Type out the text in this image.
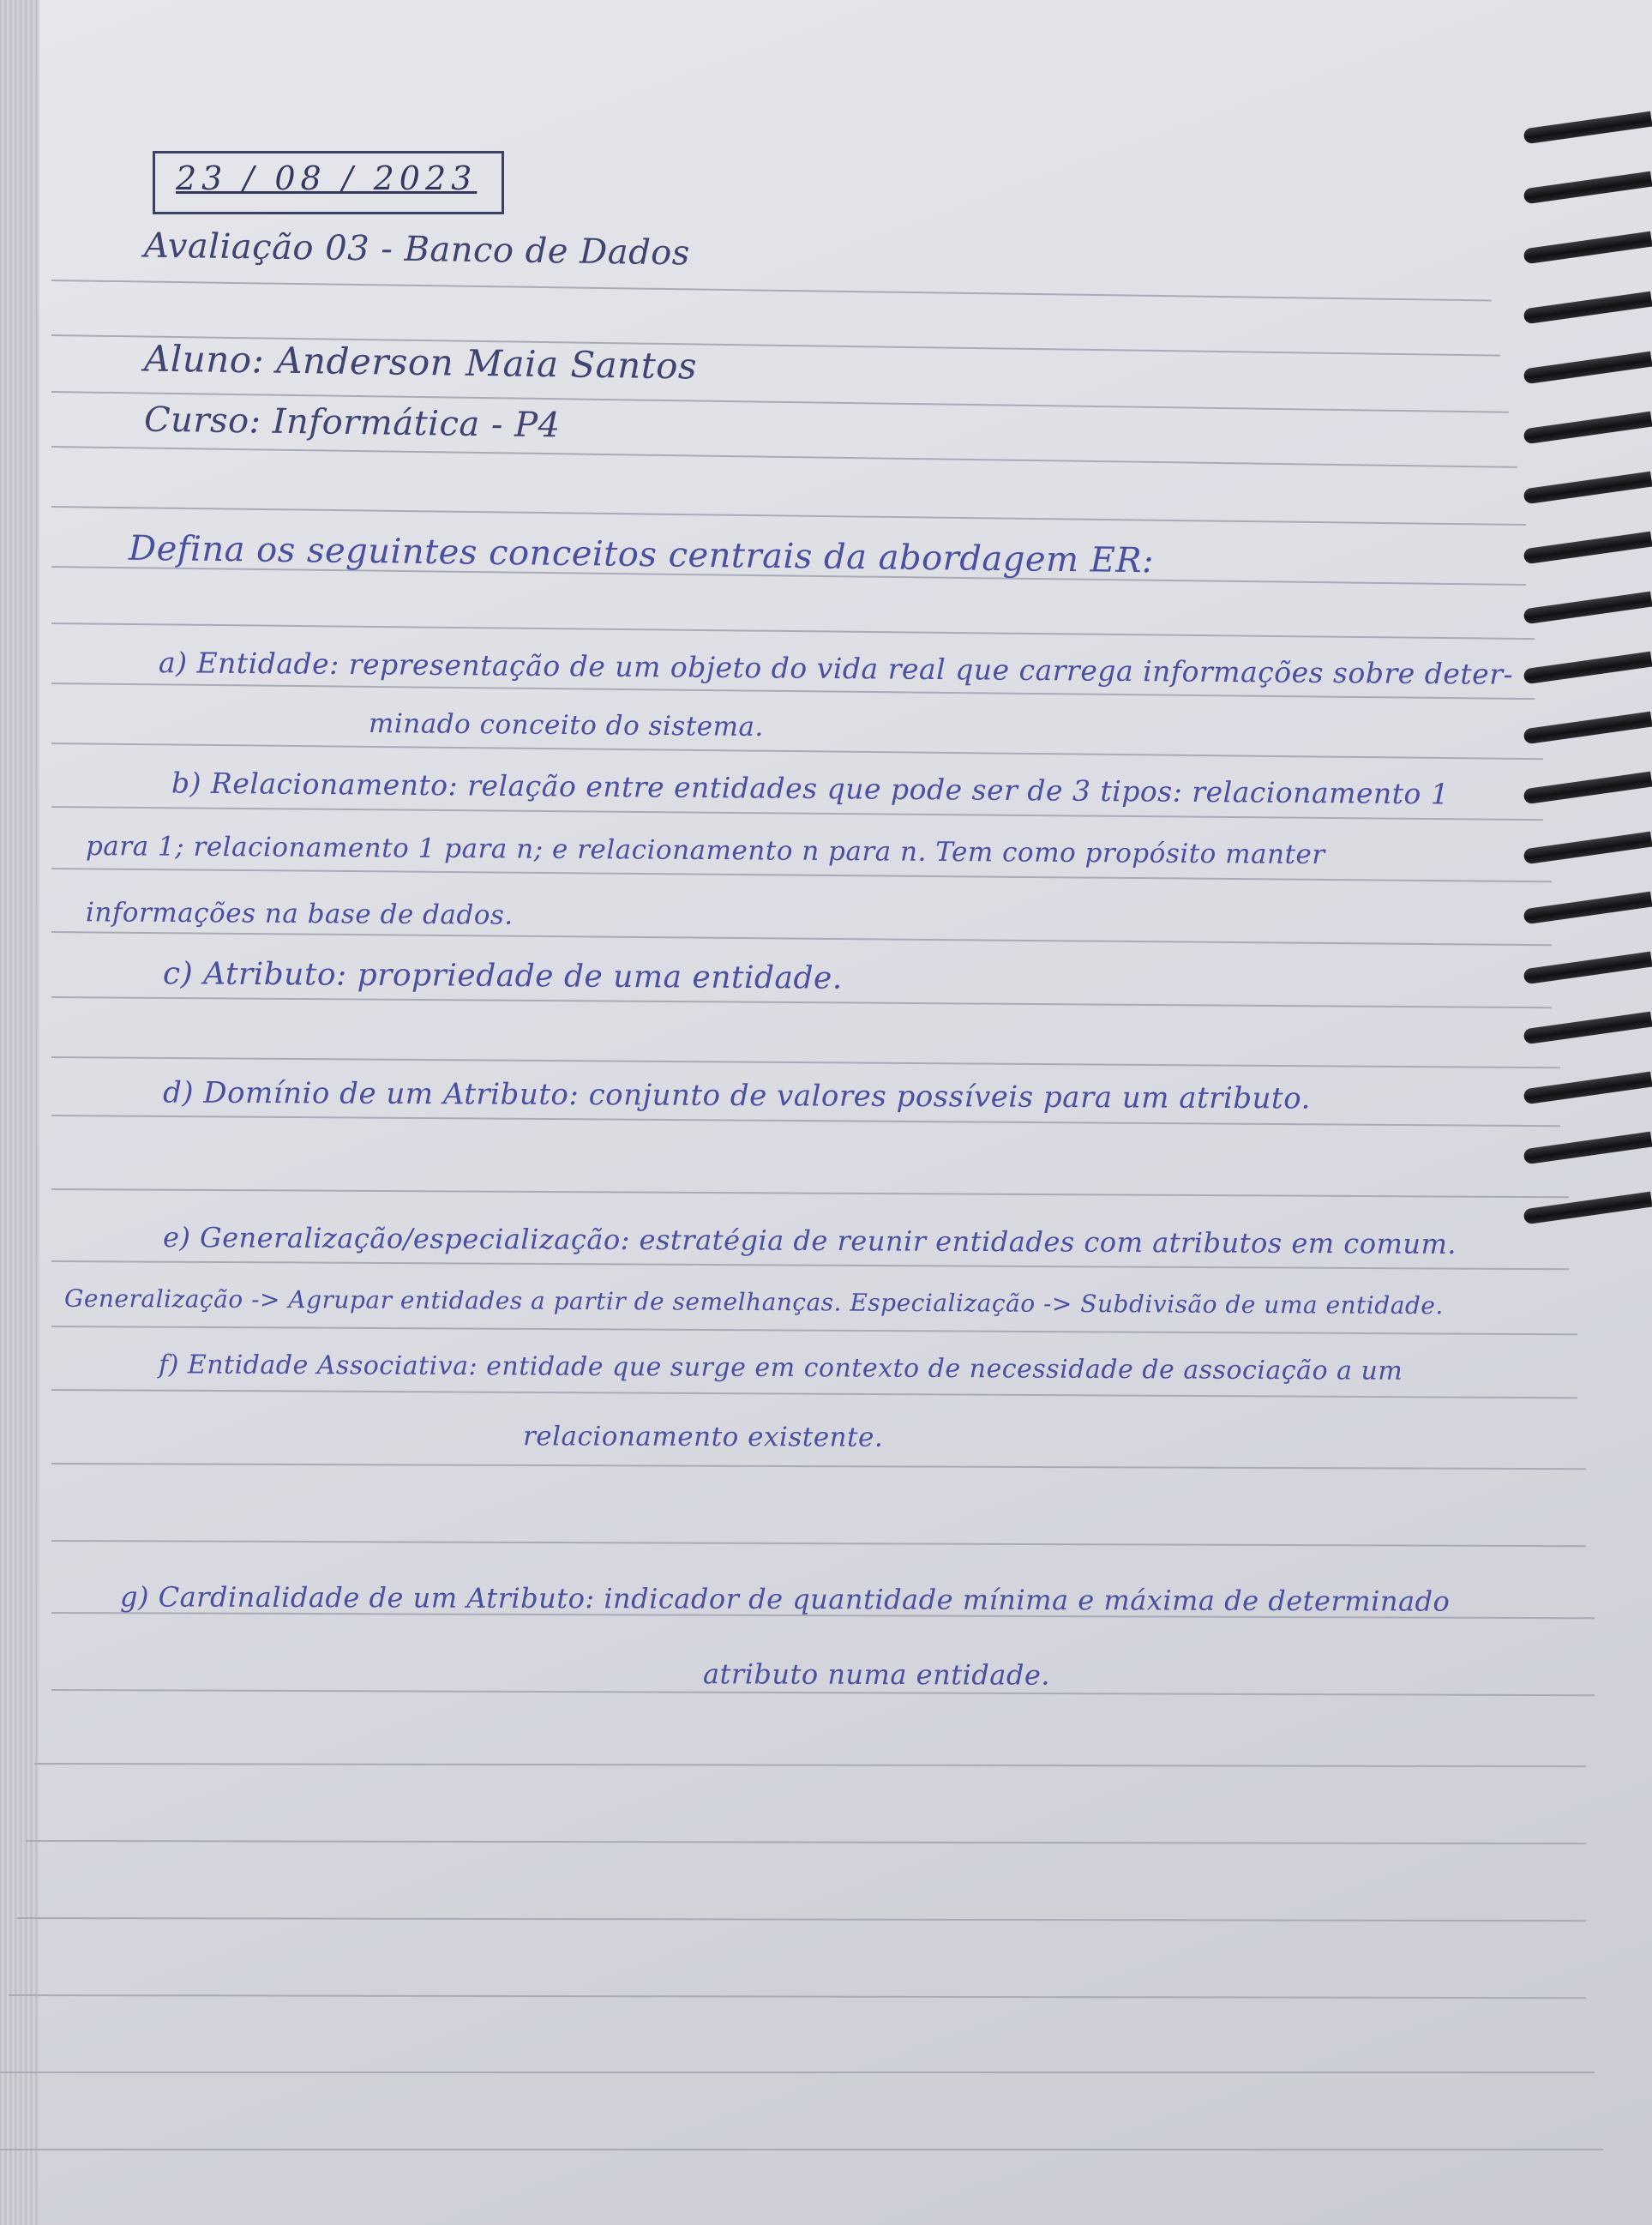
23 / 08 / 2023
Avaliação 03 - Banco de Dados
Aluno: Anderson Maia Santos
Curso: Informática - P4
Defina os seguintes conceitos centrais da abordagem ER:
a) Entidade: representação de um objeto do vida real que carrega informações sobre deter-
minado conceito do sistema.
b) Relacionamento: relação entre entidades que pode ser de 3 tipos: relacionamento 1
para 1; relacionamento 1 para n; e relacionamento n para n. Tem como propósito manter
informações na base de dados.
c) Atributo: propriedade de uma entidade.
d) Domínio de um Atributo: conjunto de valores possíveis para um atributo.
e) Generalização/especialização: estratégia de reunir entidades com atributos em comum.
Generalização -> Agrupar entidades a partir de semelhanças. Especialização -> Subdivisão de uma entidade.
f) Entidade Associativa: entidade que surge em contexto de necessidade de associação a um
relacionamento existente.
g) Cardinalidade de um Atributo: indicador de quantidade mínima e máxima de determinado
atributo numa entidade.
